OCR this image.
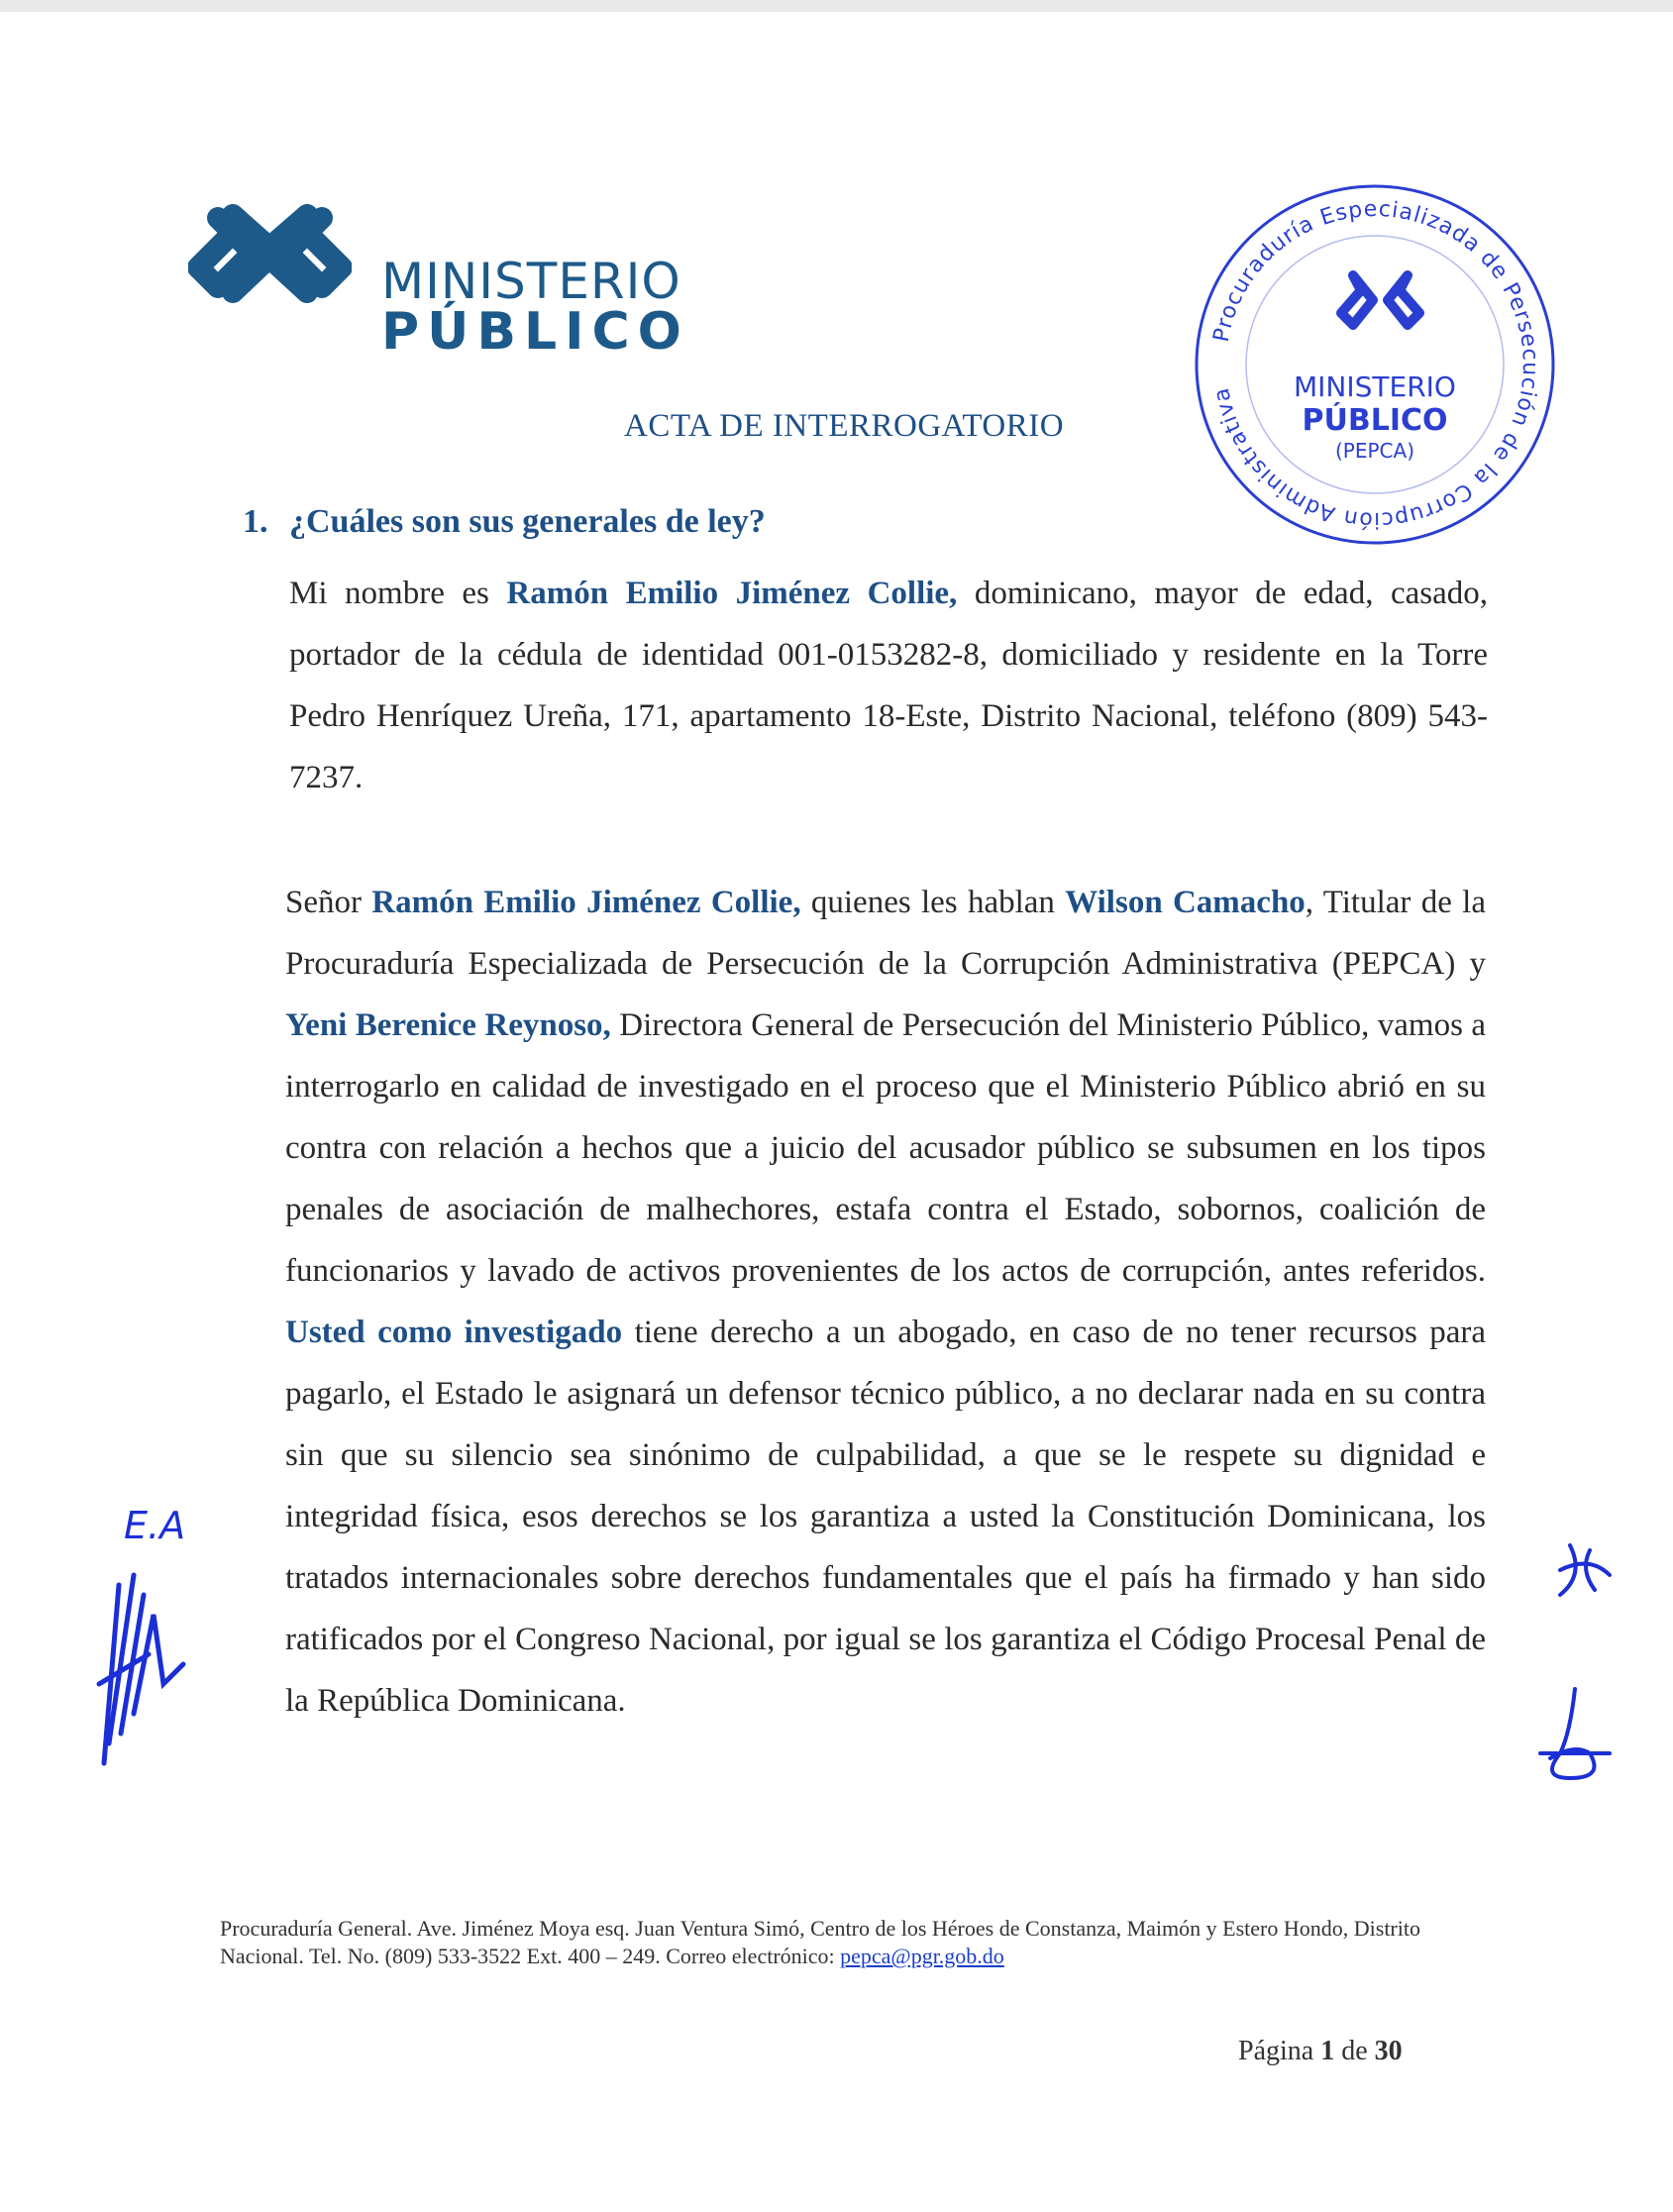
MINISTERIO
PÚBLICO	Procuraduría Especializada de Persecución de la Corrupción Administrativa	MINISTERIO
PÚBLICO
(PEPCA)
ACTA DE INTERROGATORIO
1. ¿Cuáles son sus generales de ley?
Mi nombre es Ramón Emilio Jiménez Collie, dominicano, mayor de edad, casado, portador de la cédula de identidad 001-0153282-8, domiciliado y residente en la Torre Pedro Henríquez Ureña, 171, apartamento 18-Este, Distrito Nacional, teléfono (809) 543-7237.
Señor Ramón Emilio Jiménez Collie, quienes les hablan Wilson Camacho, Titular de la Procuraduría Especializada de Persecución de la Corrupción Administrativa (PEPCA) y Yeni Berenice Reynoso, Directora General de Persecución del Ministerio Público, vamos a interrogarlo en calidad de investigado en el proceso que el Ministerio Público abrió en su contra con relación a hechos que a juicio del acusador público se subsumen en los tipos penales de asociación de malhechores, estafa contra el Estado, sobornos, coalición de funcionarios y lavado de activos provenientes de los actos de corrupción, antes referidos. Usted como investigado tiene derecho a un abogado, en caso de no tener recursos para pagarlo, el Estado le asignará un defensor técnico público, a no declarar nada en su contra sin que su silencio sea sinónimo de culpabilidad, a que se le respete su dignidad e integridad física, esos derechos se los garantiza a usted la Constitución Dominicana, los tratados internacionales sobre derechos fundamentales que el país ha firmado y han sido ratificados por el Congreso Nacional, por igual se los garantiza el Código Procesal Penal de la República Dominicana.
E.A
Procuraduría General. Ave. Jiménez Moya esq. Juan Ventura Simó, Centro de los Héroes de Constanza, Maimón y Estero Hondo, Distrito Nacional. Tel. No. (809) 533-3522 Ext. 400 – 249. Correo electrónico: pepca@pgr.gob.do
Página 1 de 30
